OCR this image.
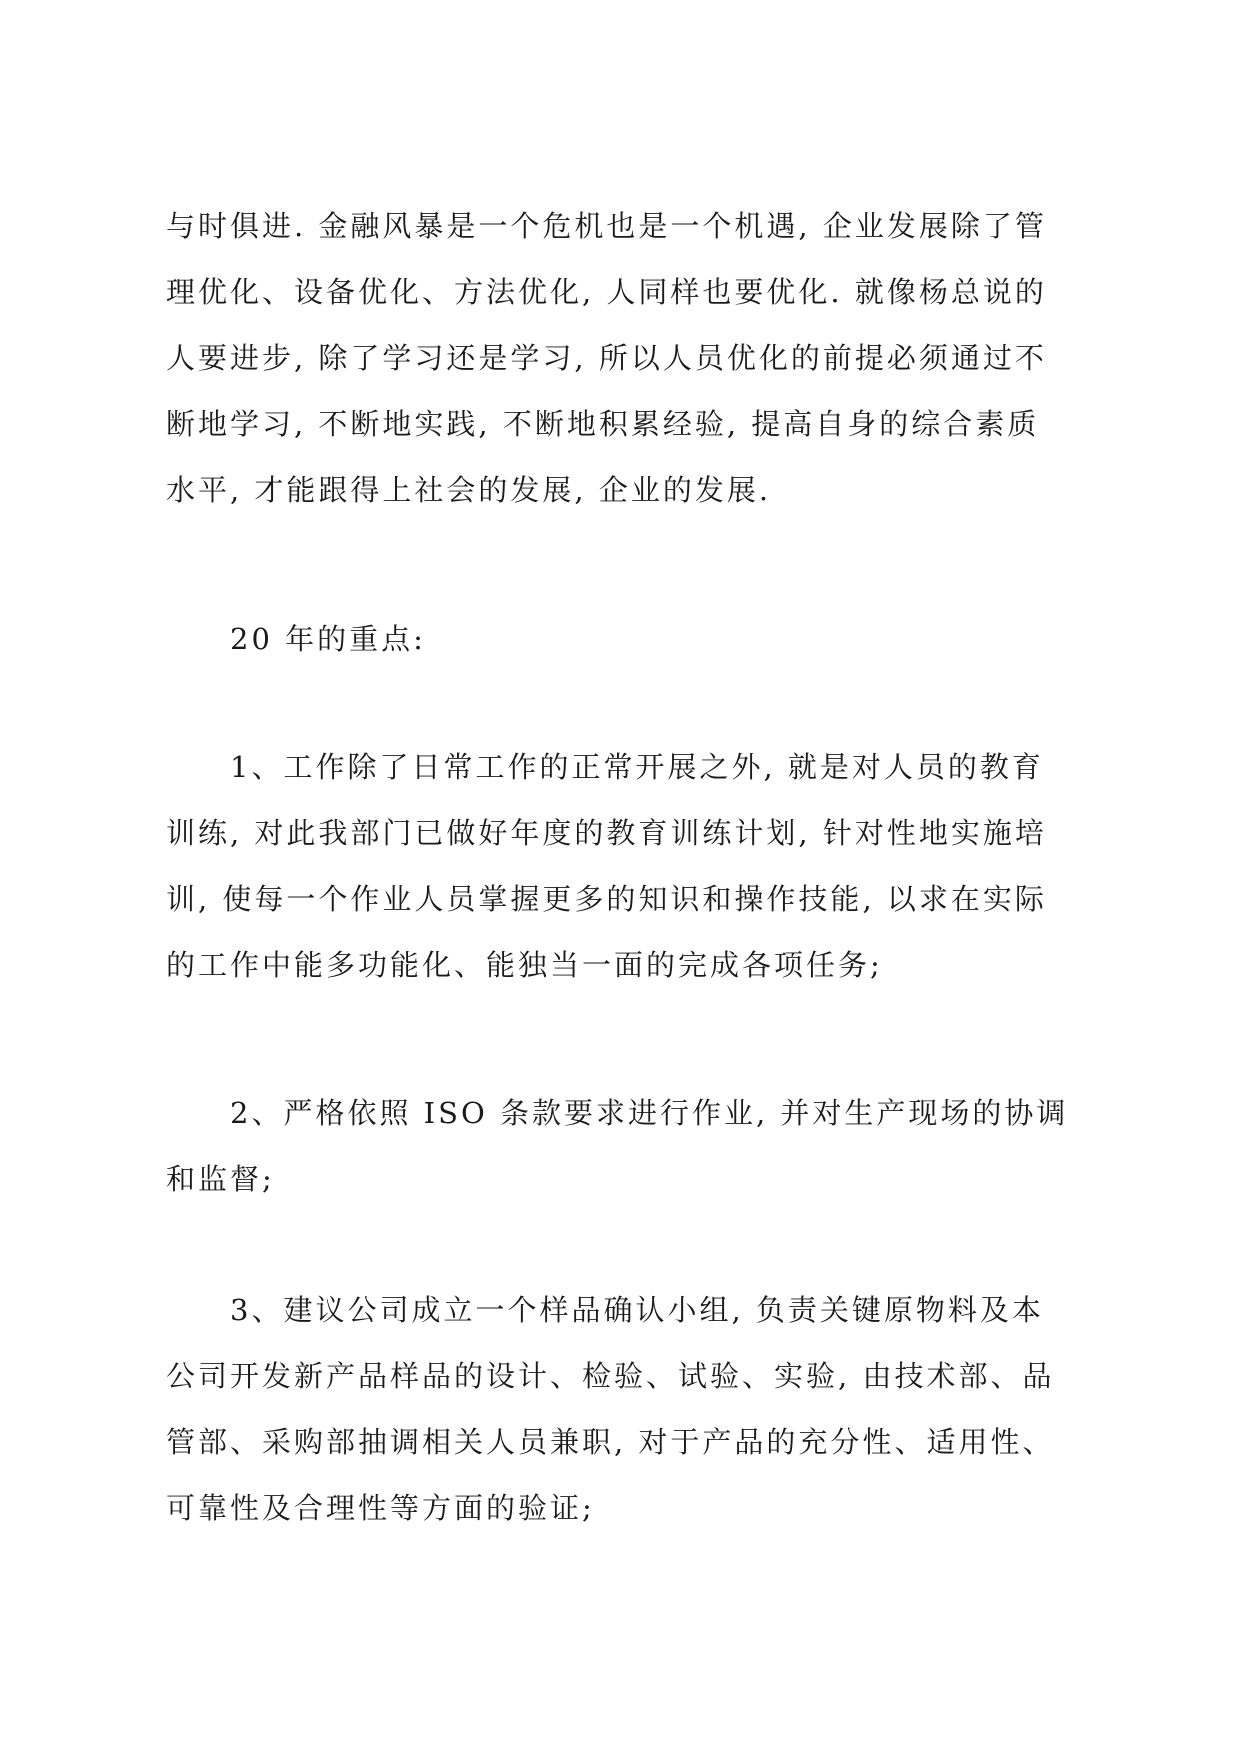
与时俱进. 金融风暴是一个危机也是一个机遇, 企业发展除了管
理优化、设备优化、方法优化, 人同样也要优化. 就像杨总说的
人要进步, 除了学习还是学习, 所以人员优化的前提必须通过不
断地学习, 不断地实践, 不断地积累经验, 提高自身的综合素质
水平, 才能跟得上社会的发展, 企业的发展.
20 年的重点:
1、工作除了日常工作的正常开展之外, 就是对人员的教育
训练, 对此我部门已做好年度的教育训练计划, 针对性地实施培
训, 使每一个作业人员掌握更多的知识和操作技能, 以求在实际
的工作中能多功能化、能独当一面的完成各项任务;
2、严格依照 ISO 条款要求进行作业, 并对生产现场的协调
和监督;
3、建议公司成立一个样品确认小组, 负责关键原物料及本
公司开发新产品样品的设计、检验、试验、实验, 由技术部、品
管部、采购部抽调相关人员兼职, 对于产品的充分性、适用性、
可靠性及合理性等方面的验证;
